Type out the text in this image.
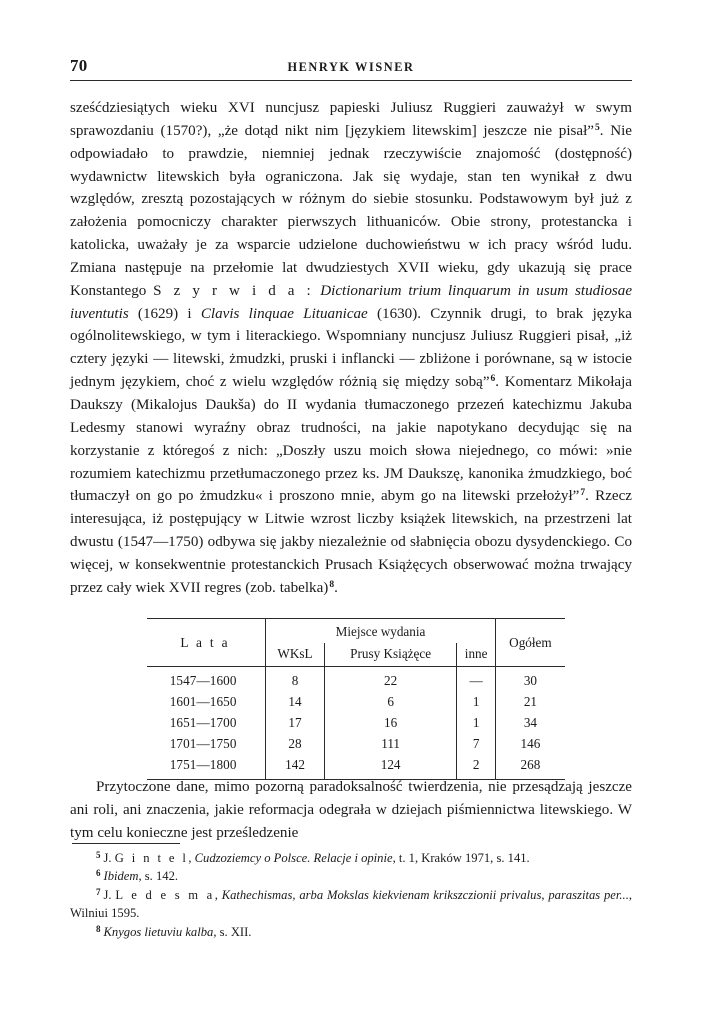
70	HENRYK WISNER
sześćdziesiątych wieku XVI nuncjusz papieski Juliusz Ruggieri zauważył w swym sprawozdaniu (1570?), „że dotąd nikt nim [językiem litewskim] jeszcze nie pisał”$^5$. Nie odpowiadało to prawdzie, niemniej jednak rzeczywiście znajomość (dostępność) wydawnictw litewskich była ograniczona. Jak się wydaje, stan ten wynikał z dwu względów, zresztą pozostających w różnym do siebie stosunku. Podstawowym był już z założenia pomocniczy charakter pierwszych lithuaniców. Obie strony, protestancka i katolicka, uważały je za wsparcie udzielone duchowieństwu w ich pracy wśród ludu. Zmiana następuje na przełomie lat dwudziestych XVII wieku, gdy ukazują się prace Konstantego S z y r w i d a : Dictionarium trium linquarum in usum studiosae iuventutis (1629) i Clavis linquae Lituanicae (1630). Czynnik drugi, to brak języka ogólnolitewskiego, w tym i literackiego. Wspomniany nuncjusz Juliusz Ruggieri pisał, „iż cztery języki — litewski, żmudzki, pruski i inflancki — zbliżone i porównane, są w istocie jednym językiem, choć z wielu względów różnią się między sobą”$^6$. Komentarz Mikołaja Daukszy (Mikalojus Daukša) do II wydania tłumaczonego przezeń katechizmu Jakuba Ledesmy stanowi wyraźny obraz trudności, na jakie napotykano decydując się na korzystanie z któregoś z nich: „Doszły uszu moich słowa niejednego, co mówi: »nie rozumiem katechizmu przetłumaczonego przez ks. JM Daukszę, kanonika żmudzkiego, boć tłumaczył on go po żmudzku« i proszono mnie, abym go na litewski przełożył”$^7$. Rzecz interesująca, iż postępujący w Litwie wzrost liczby książek litewskich, na przestrzeni lat dwustu (1547—1750) odbywa się jakby niezależnie od słabnięcia obozu dysydenckiego. Co więcej, w konsekwentnie protestanckich Prusach Książęcych obserwować można trwający przez cały wiek XVII regres (zob. tabelka)$^8$.
L a t a	Miejsce wydania			Ogółem
	WKsL	Prusy Książęce	inne	
1547—1600	8	22	—	30
1601—1650	14	6	1	21
1651—1700	17	16	1	34
1701—1750	28	111	7	146
1751—1800	142	124	2	268
Przytoczone dane, mimo pozorną paradoksalność twierdzenia, nie przesądzają jeszcze ani roli, ani znaczenia, jakie reformacja odegrała w dziejach piśmiennictwa litewskiego. W tym celu konieczne jest prześledzenie

$^5$ J. G i n t e l, Cudzoziemcy o Polsce. Relacje i opinie, t. 1, Kraków 1971, s. 141.

$^6$ Ibidem, s. 142.

$^7$ J. L e d e s m a, Kathechismas, arba Mokslas kiekvienam krikszczionii privalus, paraszitas per..., Wilniui 1595.

$^8$ Knygos lietuviu kalba, s. XII.
